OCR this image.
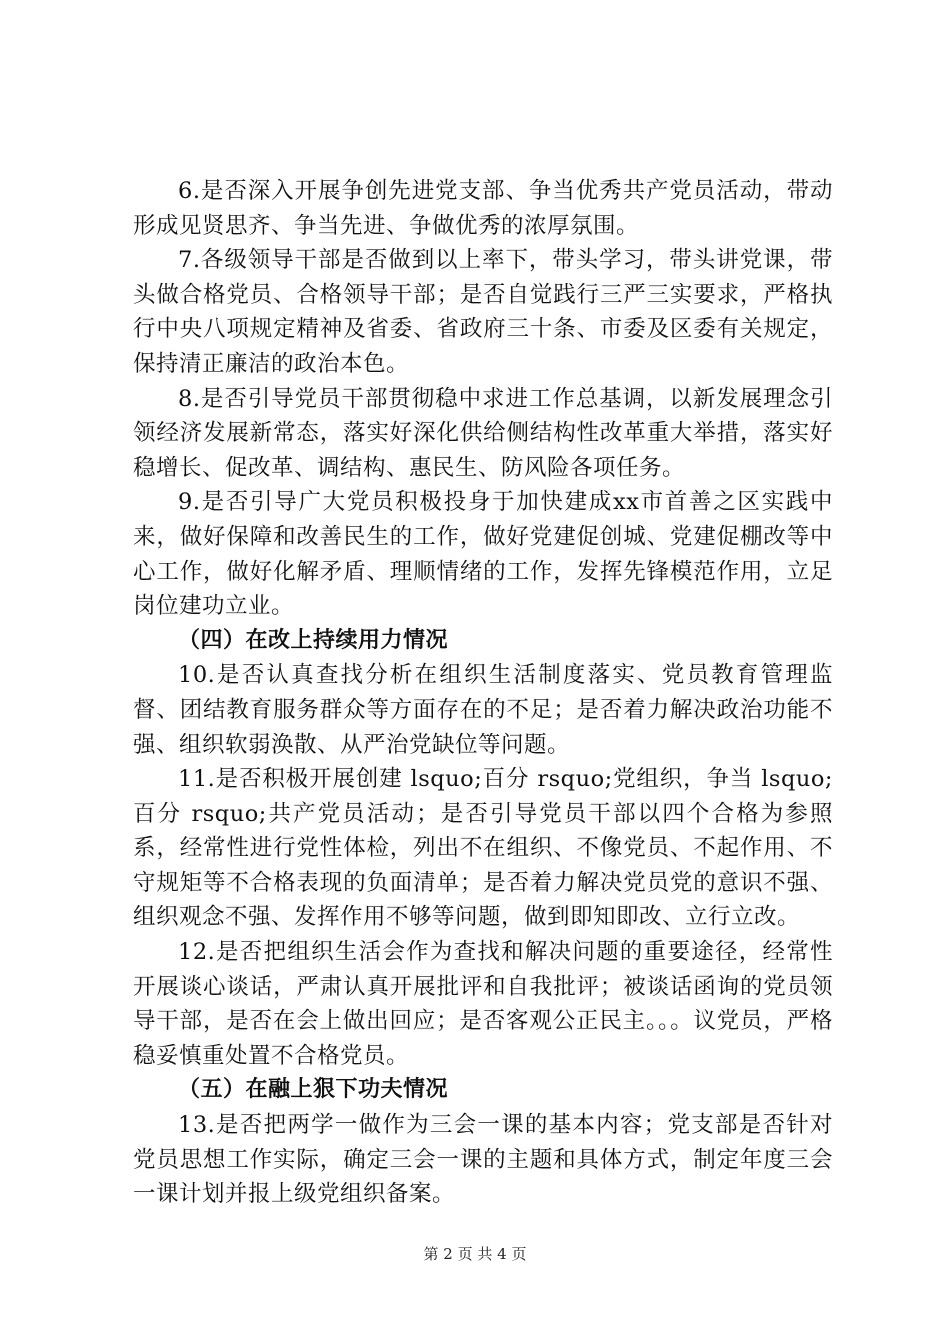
6.是否深入开展争创先进党支部、争当优秀共产党员活动，带动形成见贤思齐、争当先进、争做优秀的浓厚氛围。

7.各级领导干部是否做到以上率下，带头学习，带头讲党课，带头做合格党员、合格领导干部；是否自觉践行三严三实要求，严格执行中央八项规定精神及省委、省政府三十条、市委及区委有关规定，保持清正廉洁的政治本色。

8.是否引导党员干部贯彻稳中求进工作总基调，以新发展理念引领经济发展新常态，落实好深化供给侧结构性改革重大举措，落实好稳增长、促改革、调结构、惠民生、防风险各项任务。

9.是否引导广大党员积极投身于加快建成xx市首善之区实践中来，做好保障和改善民生的工作，做好党建促创城、党建促棚改等中心工作，做好化解矛盾、理顺情绪的工作，发挥先锋模范作用，立足岗位建功立业。

（四）在改上持续用力情况

10.是否认真查找分析在组织生活制度落实、党员教育管理监督、团结教育服务群众等方面存在的不足；是否着力解决政治功能不强、组织软弱涣散、从严治党缺位等问题。

11.是否积极开展创建 lsquo;百分 rsquo;党组织，争当 lsquo;百分 rsquo;共产党员活动；是否引导党员干部以四个合格为参照系，经常性进行党性体检，列出不在组织、不像党员、不起作用、不守规矩等不合格表现的负面清单；是否着力解决党员党的意识不强、组织观念不强、发挥作用不够等问题，做到即知即改、立行立改。

12.是否把组织生活会作为查找和解决问题的重要途径，经常性开展谈心谈话，严肃认真开展批评和自我批评；被谈话函询的党员领导干部，是否在会上做出回应；是否客观公正民主。。。议党员，严格稳妥慎重处置不合格党员。

（五）在融上狠下功夫情况

13.是否把两学一做作为三会一课的基本内容；党支部是否针对党员思想工作实际，确定三会一课的主题和具体方式，制定年度三会一课计划并报上级党组织备案。

第 2 页 共 4 页
